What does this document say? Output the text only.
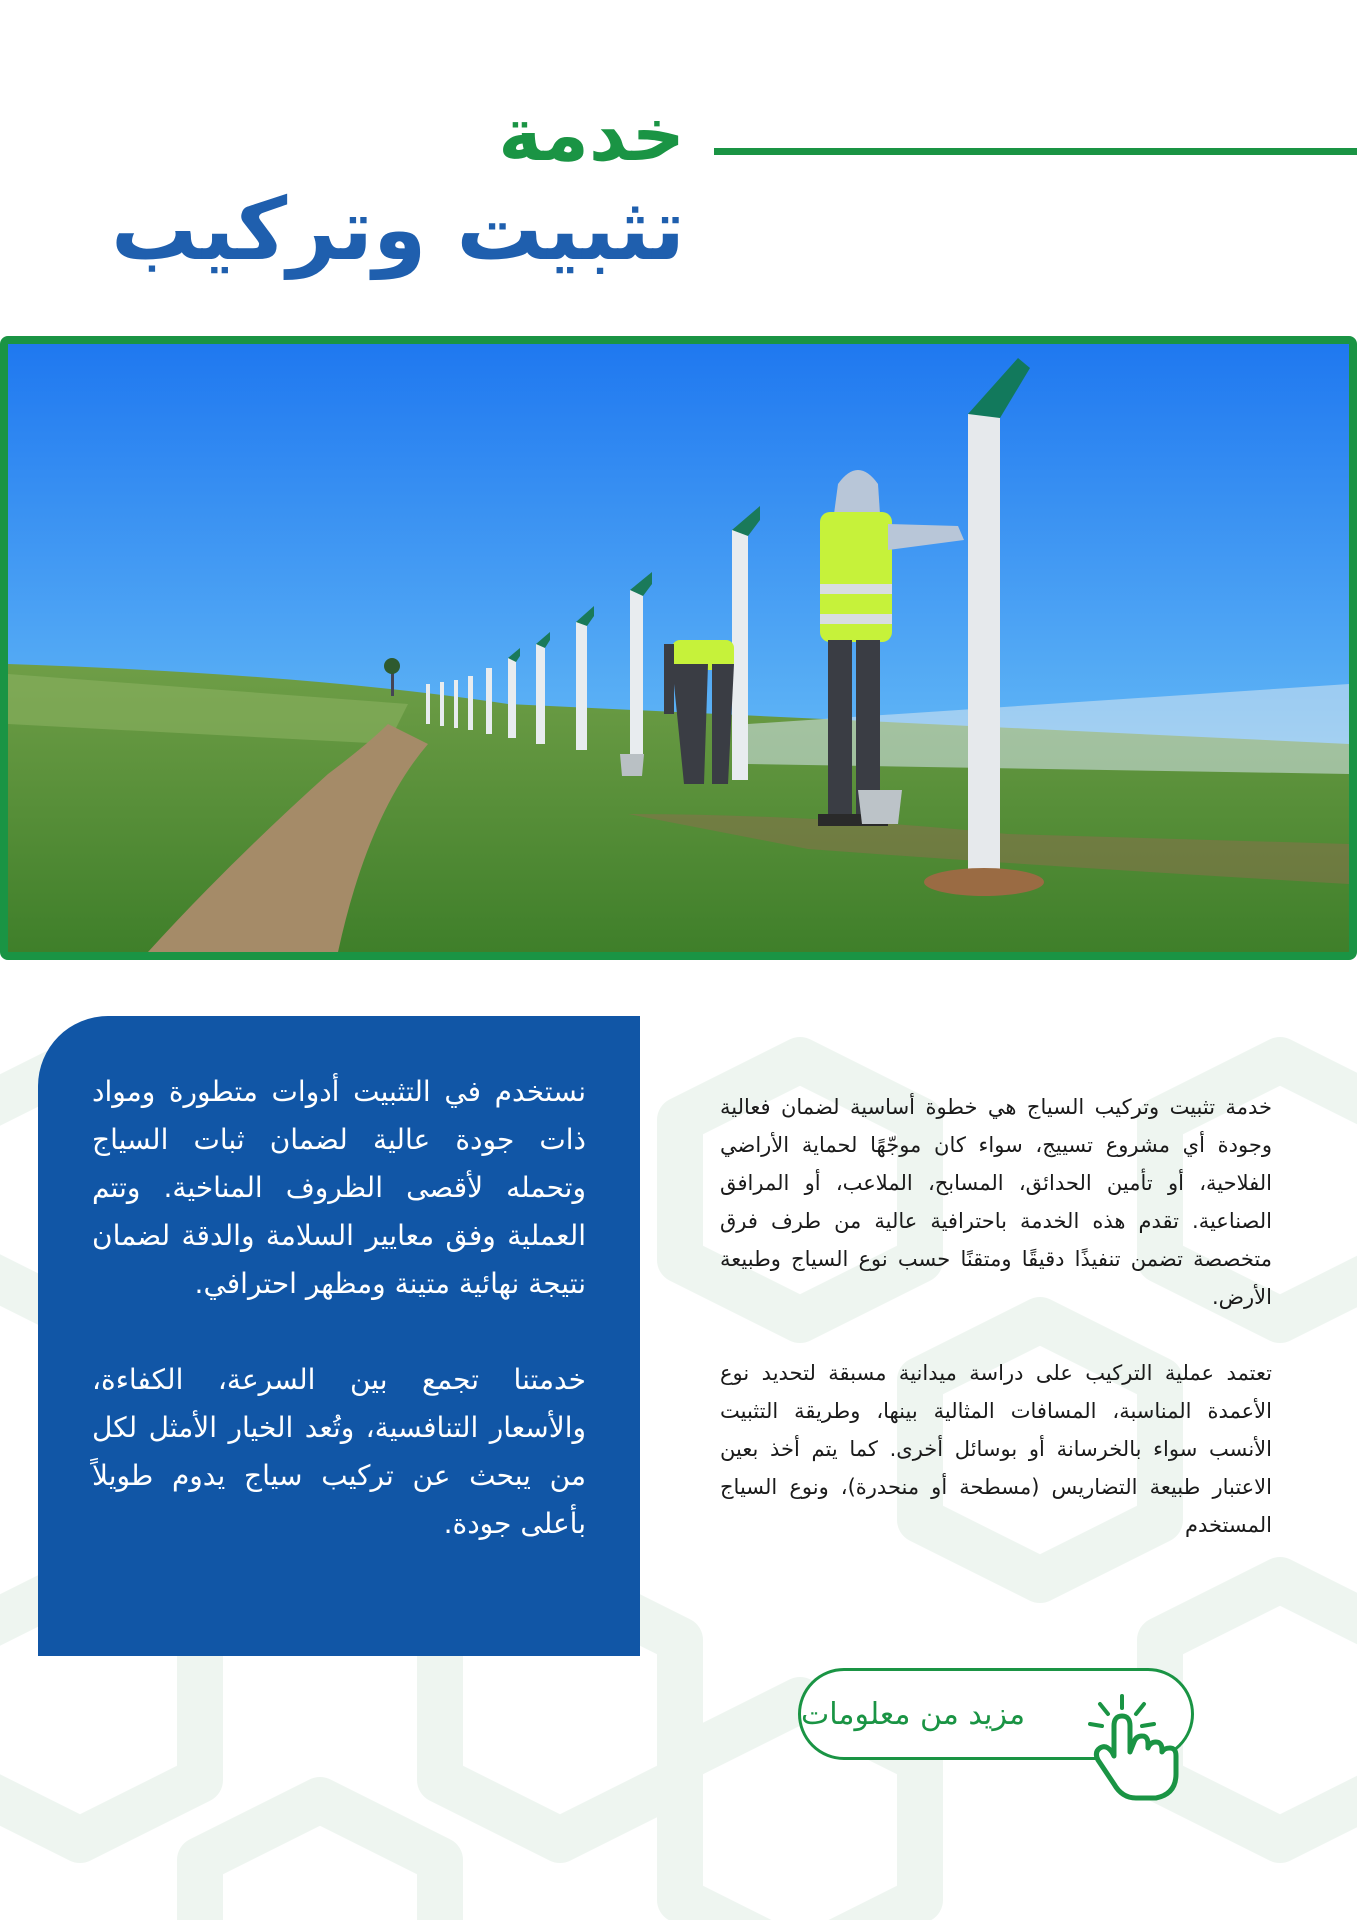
خدمة
تثبيت وتركيب

نستخدم في التثبيت أدوات متطورة ومواد ذات جودة عالية لضمان ثبات السياج وتحمله لأقصى الظروف المناخية. وتتم العملية وفق معايير السلامة والدقة لضمان نتيجة نهائية متينة ومظهر احترافي.

خدمتنا تجمع بين السرعة، الكفاءة، والأسعار التنافسية، وتُعد الخيار الأمثل لكل من يبحث عن تركيب سياج يدوم طويلاً بأعلى جودة.

خدمة تثبيت وتركيب السياج هي خطوة أساسية لضمان فعالية وجودة أي مشروع تسييج، سواء كان موجّهًا لحماية الأراضي الفلاحية، أو تأمين الحدائق، المسابح، الملاعب، أو المرافق الصناعية. تقدم هذه الخدمة باحترافية عالية من طرف فرق متخصصة تضمن تنفيذًا دقيقًا ومتقنًا حسب نوع السياج وطبيعة الأرض.

تعتمد عملية التركيب على دراسة ميدانية مسبقة لتحديد نوع الأعمدة المناسبة، المسافات المثالية بينها، وطريقة التثبيت الأنسب سواء بالخرسانة أو بوسائل أخرى. كما يتم أخذ بعين الاعتبار طبيعة التضاريس (مسطحة أو منحدرة)، ونوع السياج المستخدم

مزيد من معلومات
